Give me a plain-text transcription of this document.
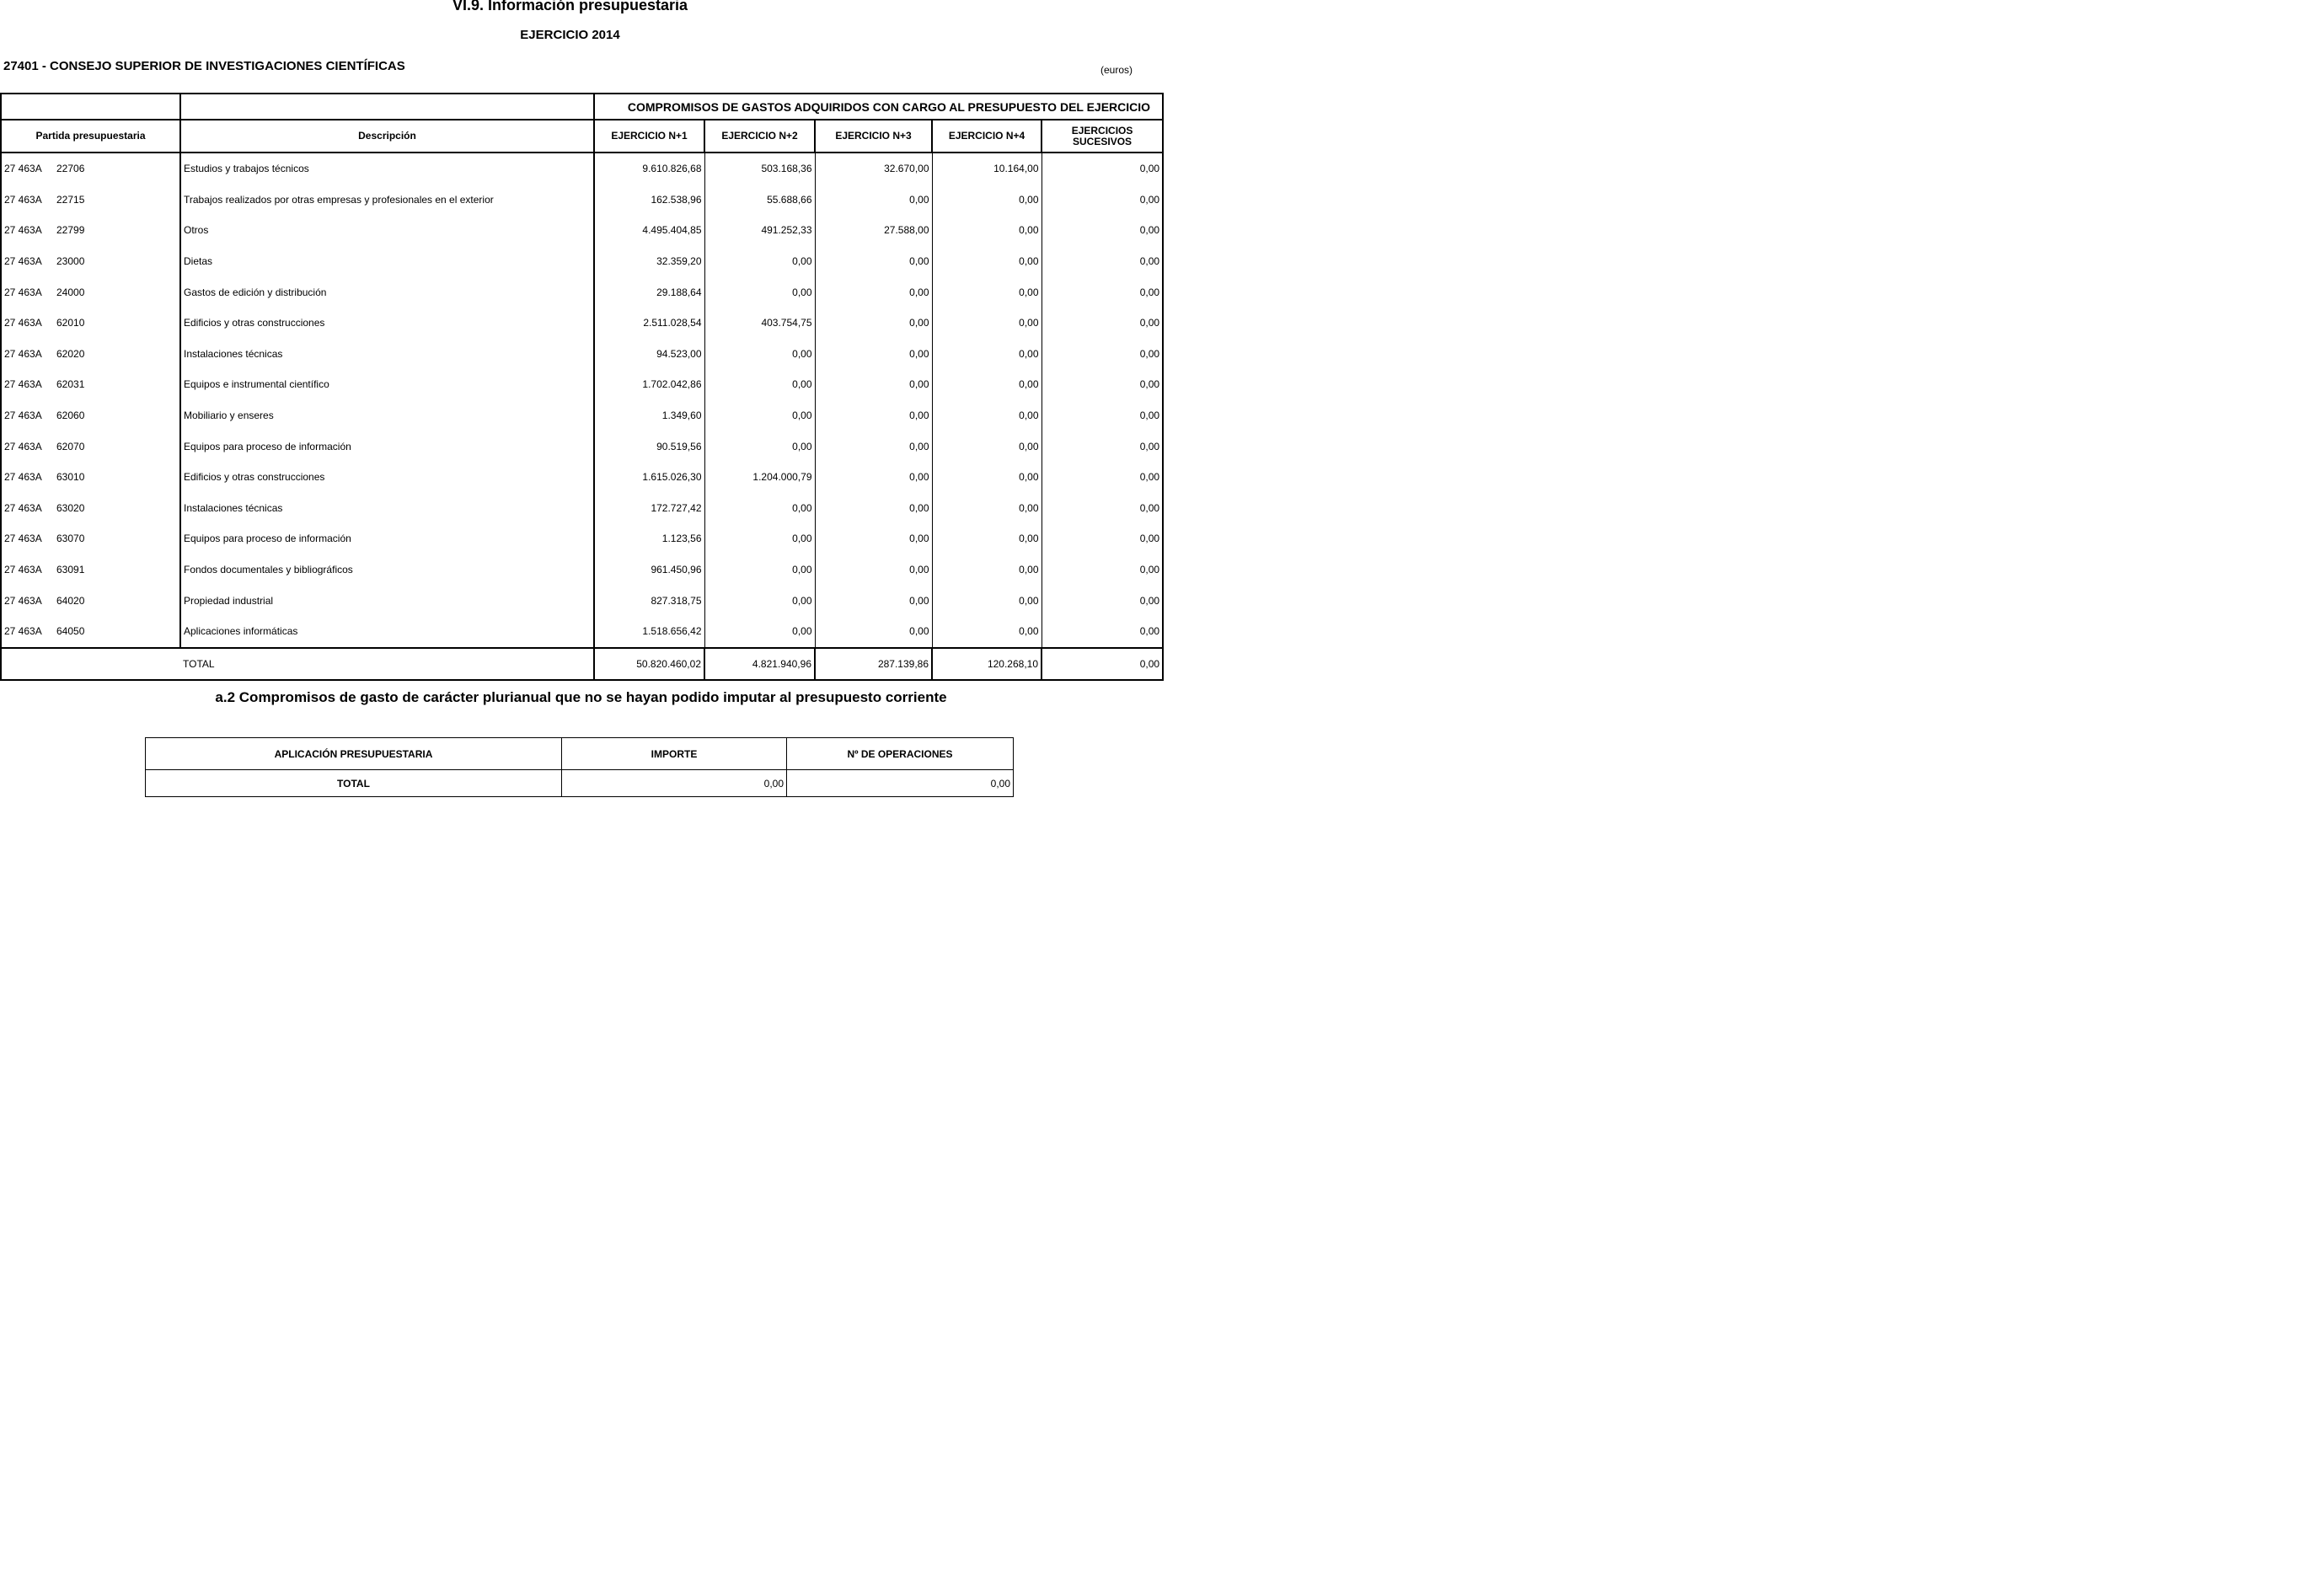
VI.9. Información presupuestaria
EJERCICIO 2014
27401 - CONSEJO SUPERIOR DE INVESTIGACIONES CIENTÍFICAS	(euros)
		COMPROMISOS DE GASTOS ADQUIRIDOS CON CARGO AL PRESUPUESTO DEL EJERCICIO				
Partida presupuestaria	Descripción	EJERCICIO N+1	EJERCICIO N+2	EJERCICIO N+3	EJERCICIO N+4	EJERCICIOS SUCESIVOS
27 463A 22706	Estudios y trabajos técnicos	9.610.826,68	503.168,36	32.670,00	10.164,00	0,00
27 463A 22715	Trabajos realizados por otras empresas y profesionales en el exterior	162.538,96	55.688,66	0,00	0,00	0,00
27 463A 22799	Otros	4.495.404,85	491.252,33	27.588,00	0,00	0,00
27 463A 23000	Dietas	32.359,20	0,00	0,00	0,00	0,00
27 463A 24000	Gastos de edición y distribución	29.188,64	0,00	0,00	0,00	0,00
27 463A 62010	Edificios y otras construcciones	2.511.028,54	403.754,75	0,00	0,00	0,00
27 463A 62020	Instalaciones técnicas	94.523,00	0,00	0,00	0,00	0,00
27 463A 62031	Equipos e instrumental científico	1.702.042,86	0,00	0,00	0,00	0,00
27 463A 62060	Mobiliario y enseres	1.349,60	0,00	0,00	0,00	0,00
27 463A 62070	Equipos para proceso de información	90.519,56	0,00	0,00	0,00	0,00
27 463A 63010	Edificios y otras construcciones	1.615.026,30	1.204.000,79	0,00	0,00	0,00
27 463A 63020	Instalaciones técnicas	172.727,42	0,00	0,00	0,00	0,00
27 463A 63070	Equipos para proceso de información	1.123,56	0,00	0,00	0,00	0,00
27 463A 63091	Fondos documentales y bibliográficos	961.450,96	0,00	0,00	0,00	0,00
27 463A 64020	Propiedad industrial	827.318,75	0,00	0,00	0,00	0,00
27 463A 64050	Aplicaciones informáticas	1.518.656,42	0,00	0,00	0,00	0,00
	TOTAL	50.820.460,02	4.821.940,96	287.139,86	120.268,10	0,00
a.2 Compromisos de gasto de carácter plurianual que no se hayan podido imputar al presupuesto corriente
APLICACIÓN PRESUPUESTARIA	IMPORTE	Nº DE OPERACIONES
TOTAL	0,00	0,00
